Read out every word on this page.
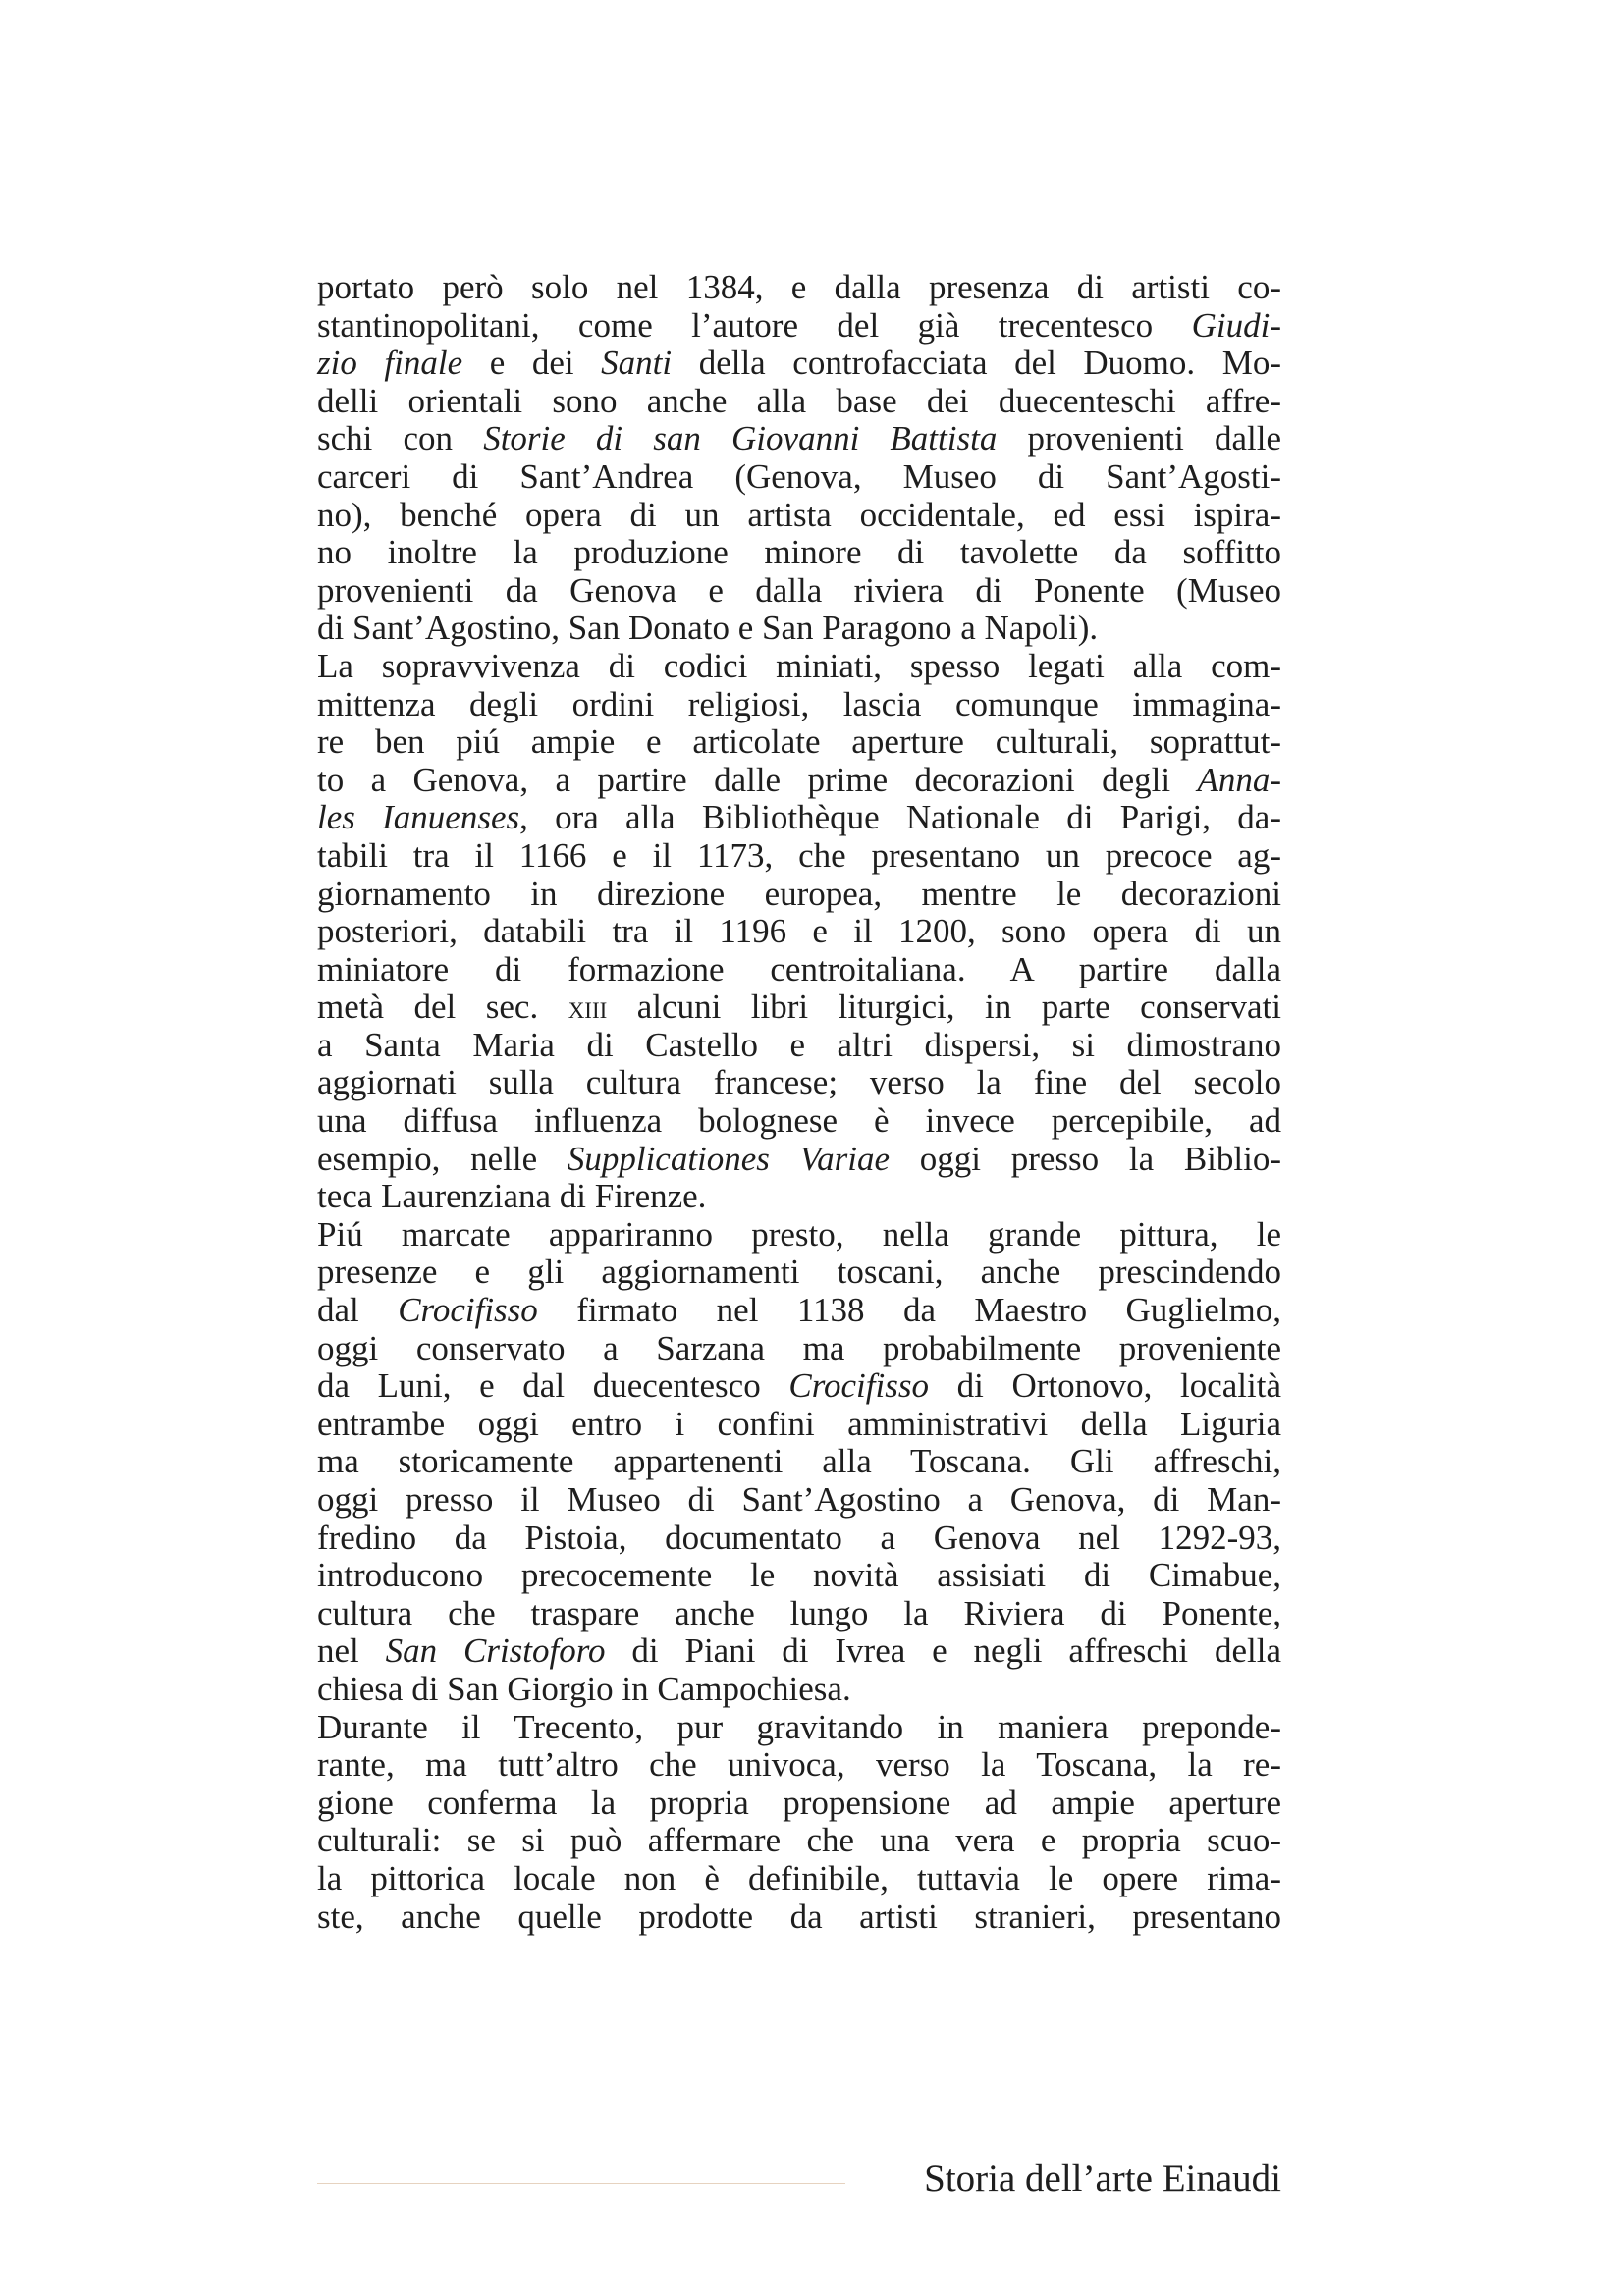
portato però solo nel 1384, e dalla presenza di artisti co-
stantinopolitani, come l’autore del già trecentesco Giudi-
zio finale e dei Santi della controfacciata del Duomo. Mo-
delli orientali sono anche alla base dei duecenteschi affre-
schi con Storie di san Giovanni Battista provenienti dalle
carceri di Sant’Andrea (Genova, Museo di Sant’Agosti-
no), benché opera di un artista occidentale, ed essi ispira-
no inoltre la produzione minore di tavolette da soffitto
provenienti da Genova e dalla riviera di Ponente (Museo
di Sant’Agostino, San Donato e San Paragono a Napoli).
La sopravvivenza di codici miniati, spesso legati alla com-
mittenza degli ordini religiosi, lascia comunque immagina-
re ben piú ampie e articolate aperture culturali, soprattut-
to a Genova, a partire dalle prime decorazioni degli Anna-
les Ianuenses, ora alla Bibliothèque Nationale di Parigi, da-
tabili tra il 1166 e il 1173, che presentano un precoce ag-
giornamento in direzione europea, mentre le decorazioni
posteriori, databili tra il 1196 e il 1200, sono opera di un
miniatore di formazione centroitaliana. A partire dalla
metà del sec. xiii alcuni libri liturgici, in parte conservati
a Santa Maria di Castello e altri dispersi, si dimostrano
aggiornati sulla cultura francese; verso la fine del secolo
una diffusa influenza bolognese è invece percepibile, ad
esempio, nelle Supplicationes Variae oggi presso la Biblio-
teca Laurenziana di Firenze.
Piú marcate appariranno presto, nella grande pittura, le
presenze e gli aggiornamenti toscani, anche prescindendo
dal Crocifisso firmato nel 1138 da Maestro Guglielmo,
oggi conservato a Sarzana ma probabilmente proveniente
da Luni, e dal duecentesco Crocifisso di Ortonovo, località
entrambe oggi entro i confini amministrativi della Liguria
ma storicamente appartenenti alla Toscana. Gli affreschi,
oggi presso il Museo di Sant’Agostino a Genova, di Man-
fredino da Pistoia, documentato a Genova nel 1292-93,
introducono precocemente le novità assisiati di Cimabue,
cultura che traspare anche lungo la Riviera di Ponente,
nel San Cristoforo di Piani di Ivrea e negli affreschi della
chiesa di San Giorgio in Campochiesa.
Durante il Trecento, pur gravitando in maniera prepondе-
rante, ma tutt’altro che univoca, verso la Toscana, la re-
gione conferma la propria propensione ad ampie aperture
culturali: se si può affermare che una vera e propria scuo-
la pittorica locale non è definibile, tuttavia le opere rima-
ste, anche quelle prodotte da artisti stranieri, presentano
Storia dell’arte Einaudi
